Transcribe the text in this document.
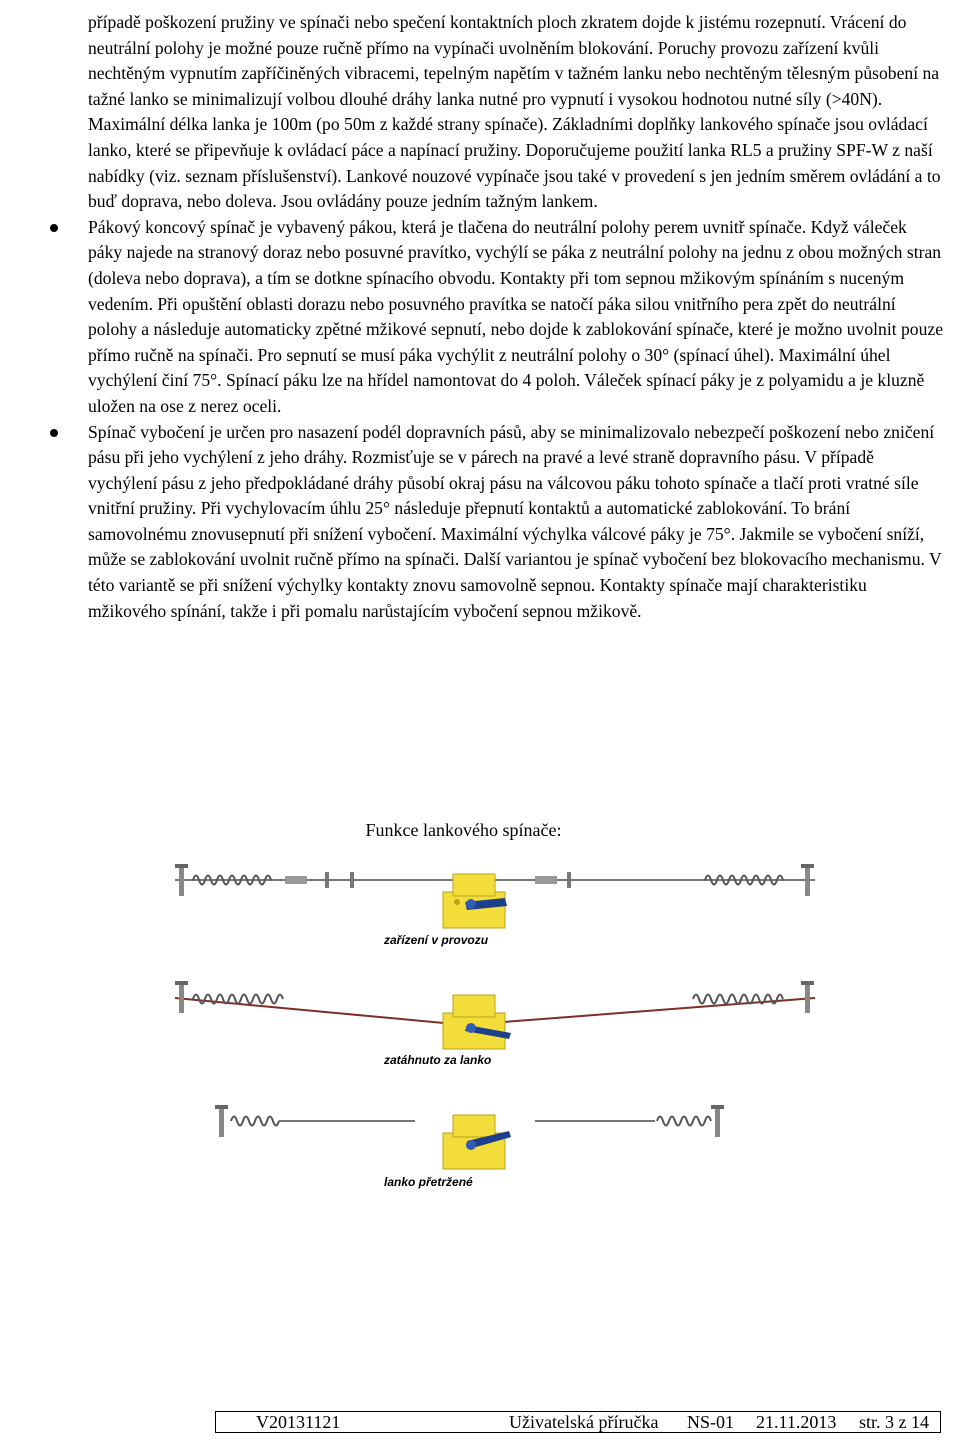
případě poškození pružiny ve spínači nebo spečení kontaktních ploch zkratem dojde k jistému rozepnutí. Vrácení do neutrální polohy je možné pouze ručně přímo na vypínači uvolněním blokování. Poruchy provozu zařízení kvůli nechtěným vypnutím zapříčiněných vibracemi, tepelným napětím v tažném lanku nebo nechtěným tělesným působení na tažné lanko se minimalizují volbou dlouhé dráhy lanka nutné pro vypnutí i vysokou hodnotou nutné síly (>40N). Maximální délka lanka je 100m (po 50m z každé strany spínače). Základními doplňky lankového spínače jsou ovládací lanko, které se připevňuje k ovládací páce a napínací pružiny. Doporučujeme použití lanka RL5 a pružiny SPF-W z naší nabídky (viz. seznam příslušenství). Lankové nouzové vypínače jsou také v provedení s jen jedním směrem ovládání a to buď doprava, nebo doleva. Jsou ovládány pouze jedním tažným lankem.

Pákový koncový spínač je vybavený pákou, která je tlačena do neutrální polohy perem uvnitř spínače. Když váleček páky najede na stranový doraz nebo posuvné pravítko, vychýlí se páka z neutrální polohy na jednu z obou možných stran (doleva nebo doprava), a tím se dotkne spínacího obvodu. Kontakty při tom sepnou mžikovým spínáním s nuceným vedením. Při opuštění oblasti dorazu nebo posuvného pravítka se natočí páka silou vnitřního pera zpět do neutrální polohy a následuje automaticky zpětné mžikové sepnutí, nebo dojde k zablokování spínače, které je možno uvolnit pouze přímo ručně na spínači. Pro sepnutí se musí páka vychýlit z neutrální polohy o 30° (spínací úhel). Maximální úhel vychýlení činí 75°. Spínací páku lze na hřídel namontovat do 4 poloh. Váleček spínací páky je z polyamidu a je kluzně uložen na ose z nerez oceli.

Spínač vybočení je určen pro nasazení podél dopravních pásů, aby se minimalizovalo nebezpečí poškození nebo zničení pásu při jeho vychýlení z jeho dráhy. Rozmisťuje se v párech na pravé a levé straně dopravního pásu. V případě vychýlení pásu z jeho předpokládané dráhy působí okraj pásu na válcovou páku tohoto spínače a tlačí proti vratné síle vnitřní pružiny. Při vychylovacím úhlu 25° následuje přepnutí kontaktů a automatické zablokování. To brání samovolnému znovusepnutí při snížení vybočení. Maximální výchylka válcové páky je 75°. Jakmile se vybočení sníží, může se zablokování uvolnit ručně přímo na spínači. Další variantou je spínač vybočení bez blokovacího mechanismu. V této variantě se při snížení výchylky kontakty znovu samovolně sepnou. Kontakty spínače mají charakteristiku mžikového spínání, takže i při pomalu narůstajícím vybočení sepnou mžikově.

Funkce lankového spínače:
zařízení v provozu
zatáhnuto za lanko
lanko přetržené
V20131121	Uživatelská příručka NS-01 21.11.2013 str. 3 z 14
